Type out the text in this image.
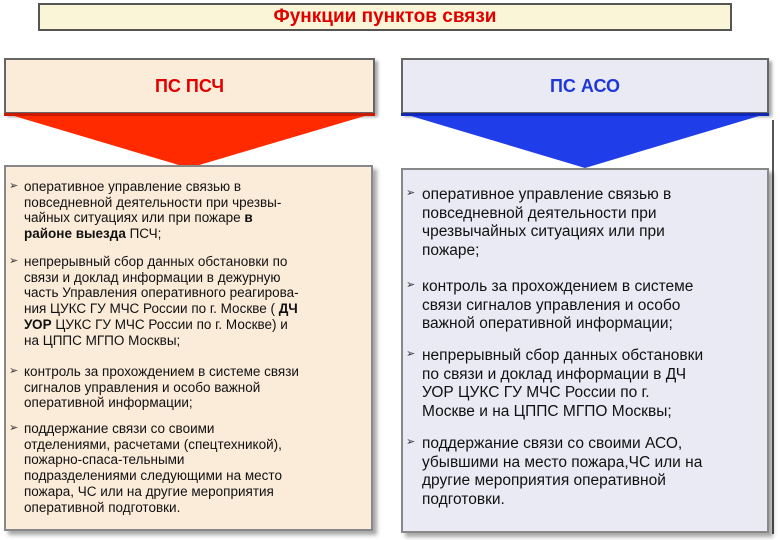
Функции пунктов связи
ПС ПСЧ	ПС АСО
➢ оперативное управление связью в
повседневной деятельности при чрезвы-
чайных ситуациях или при пожаре в
районе выезда ПСЧ;
➢ непрерывный сбор данных обстановки по
связи и доклад информации в дежурную
часть Управления оперативного реагирова-
ния ЦУКС ГУ МЧС России по г. Москве ( ДЧ
УОР ЦУКС ГУ МЧС России по г. Москве) и
на ЦППС МГПО Москвы;
➢ контроль за прохождением в системе связи
сигналов управления и особо важной
оперативной информации;
➢ поддержание связи со своими
отделениями, расчетами (спецтехникой),
пожарно-спаса-тельными
подразделениями следующими на место
пожара, ЧС или на другие мероприятия
оперативной подготовки.
➢ оперативное управление связью в
повседневной деятельности при
чрезвычайных ситуациях или при
пожаре;
➢ контроль за прохождением в системе
связи сигналов управления и особо
важной оперативной информации;
➢ непрерывный сбор данных обстановки
по связи и доклад информации в ДЧ
УОР ЦУКС ГУ МЧС России по г.
Москве и на ЦППС МГПО Москвы;
➢ поддержание связи со своими АСО,
убывшими на место пожара,ЧС или на
другие мероприятия оперативной
подготовки.
